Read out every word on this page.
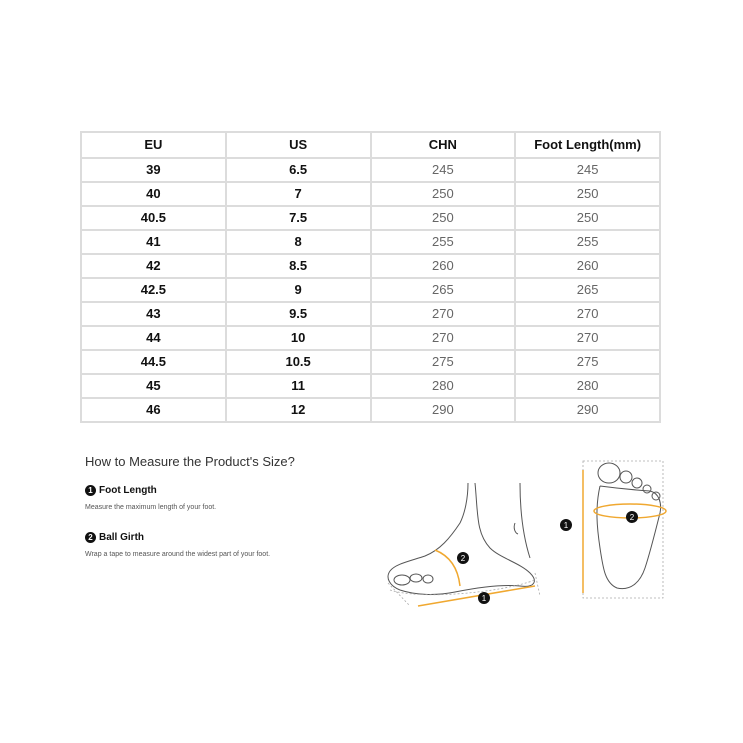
EU	US	CHN	Foot Length(mm)
39	6.5	245	245
40	7	250	250
40.5	7.5	250	250
41	8	255	255
42	8.5	260	260
42.5	9	265	265
43	9.5	270	270
44	10	270	270
44.5	10.5	275	275
45	11	280	280
46	12	290	290
How to Measure the Product's Size?
1 Foot Length
Measure the maximum length of your foot.
2 Ball Girth
Wrap a tape to measure around the widest part of your foot.	2
1
2
1
